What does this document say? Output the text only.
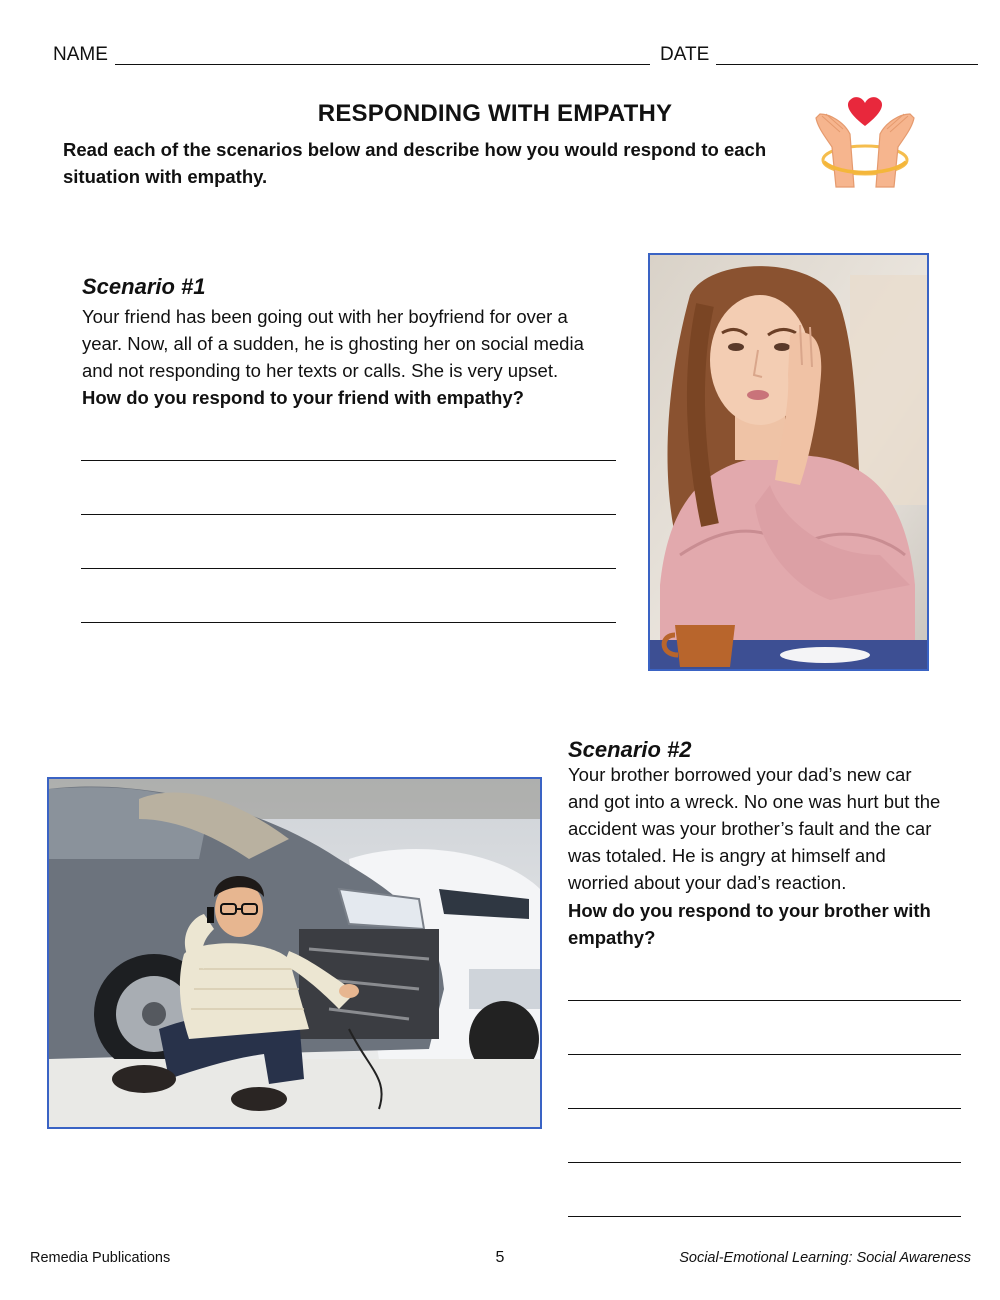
NAME	DATE
RESPONDING WITH EMPATHY
Read each of the scenarios below and describe how you would respond to each situation with empathy.
Scenario #1
Your friend has been going out with her boyfriend for over a
year. Now, all of a sudden, he is ghosting her on social media
and not responding to her texts or calls. She is very upset.
How do you respond to your friend with empathy?
Scenario #2
Your brother borrowed your dad’s new car
and got into a wreck. No one was hurt but the
accident was your brother’s fault and the car
was totaled. He is angry at himself and
worried about your dad’s reaction.
How do you respond to your brother with
empathy?
Remedia Publications	5	Social-Emotional Learning: Social Awareness
